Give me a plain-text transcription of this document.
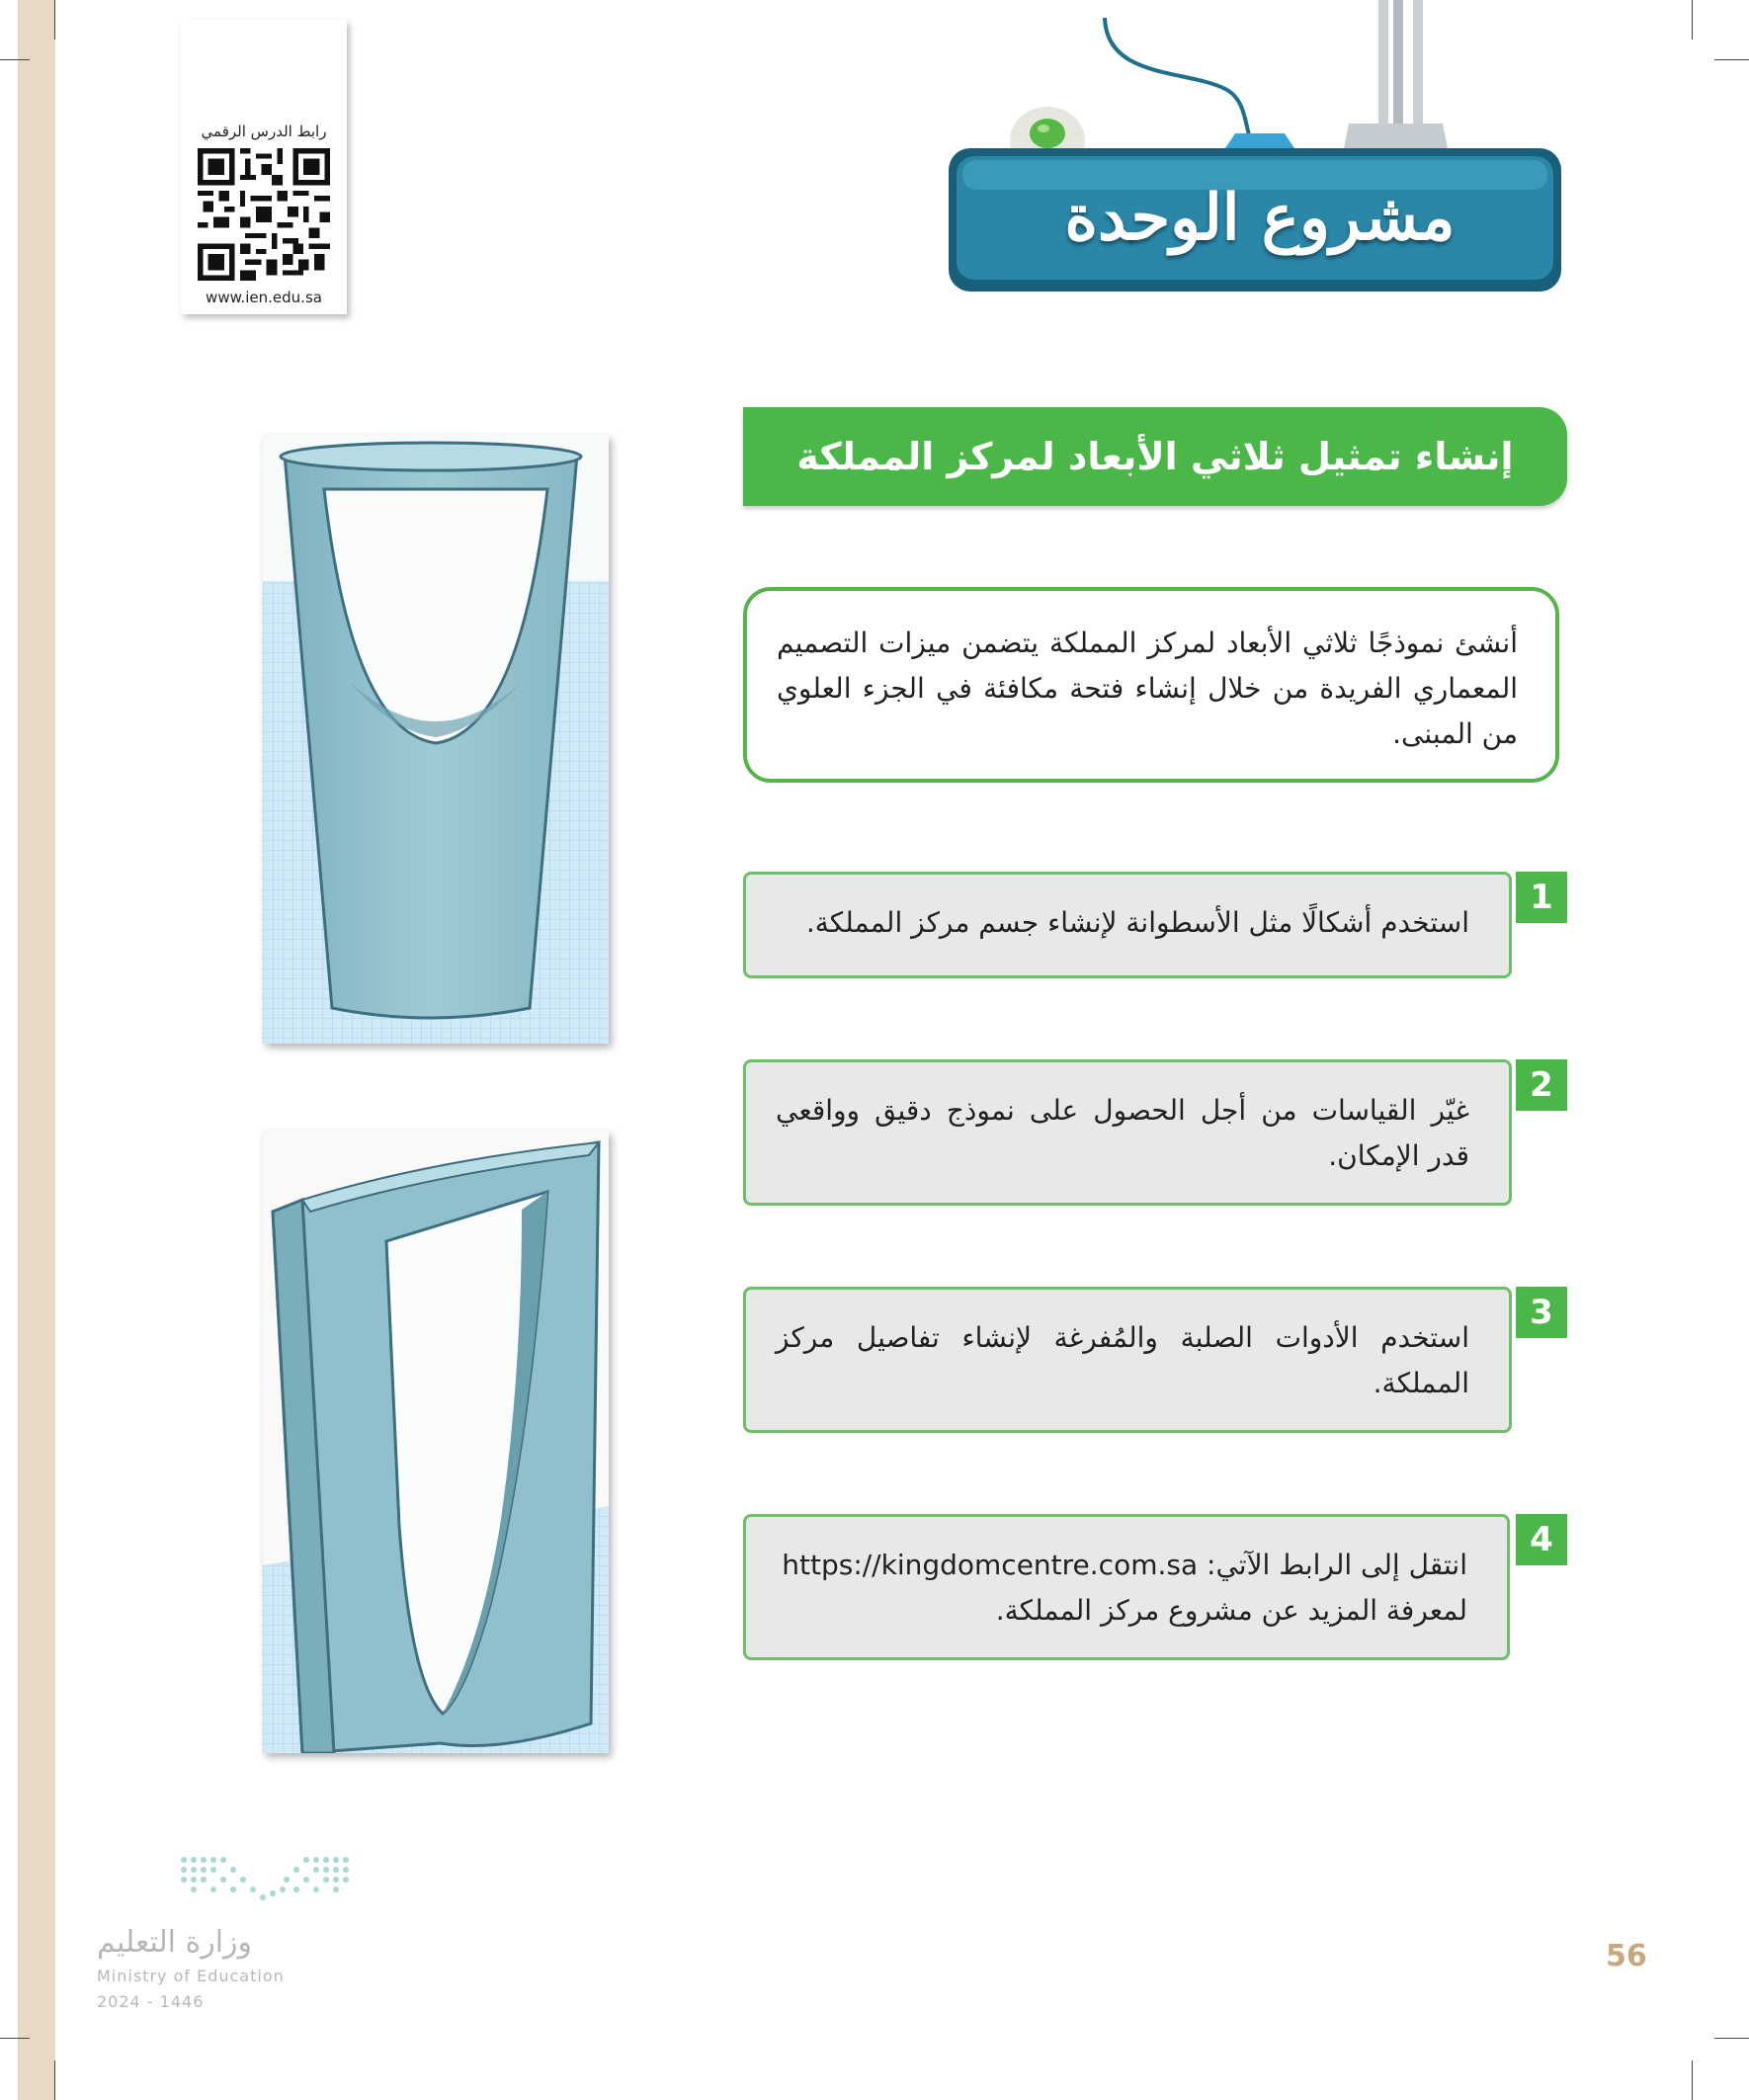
رابط الدرس الرقمي
www.ien.edu.sa
مشروع الوحدة
إنشاء تمثيل ثلاثي الأبعاد لمركز المملكة
أنشئ نموذجًا ثلاثي الأبعاد لمركز المملكة يتضمن ميزات التصميم المعماري الفريدة من خلال إنشاء فتحة مكافئة في الجزء العلوي من المبنى.
استخدم أشكالًا مثل الأسطوانة لإنشاء جسم مركز المملكة.
1
غيّر القياسات من أجل الحصول على نموذج دقيق وواقعي قدر الإمكان.
2
استخدم الأدوات الصلبة والمُفرغة لإنشاء تفاصيل مركز المملكة.
3
انتقل إلى الرابط الآتي: https://kingdomcentre.com.sa
لمعرفة المزيد عن مشروع مركز المملكة.
4
وزارة التعليم
Ministry of Education
2024 - 1446
56
